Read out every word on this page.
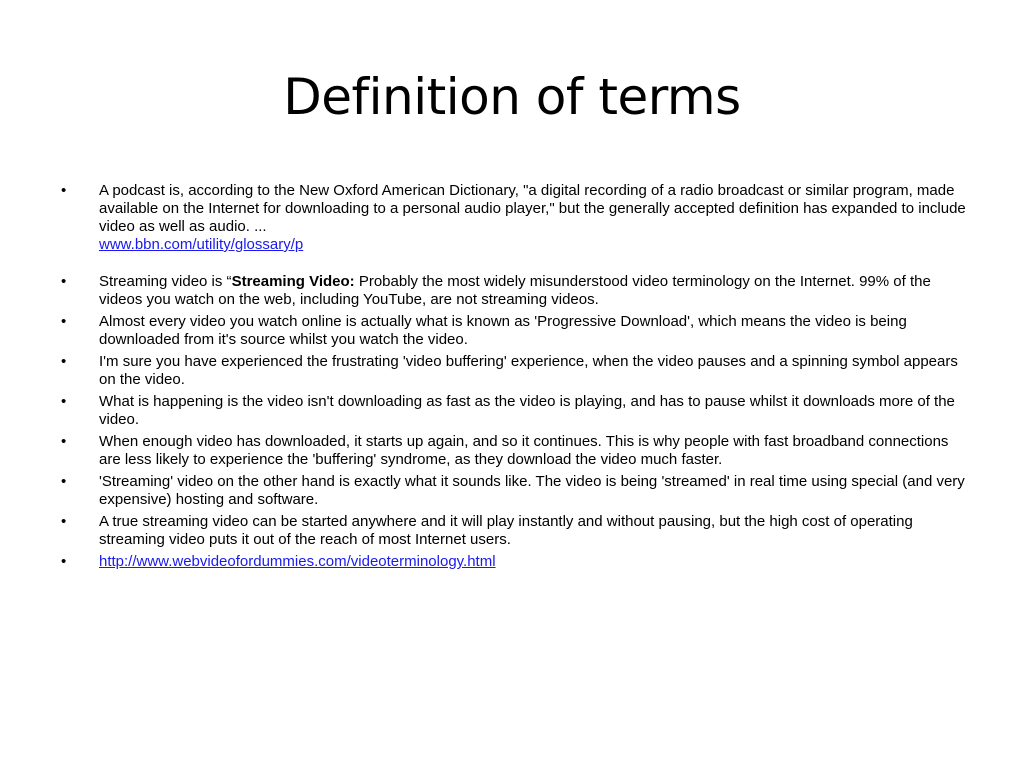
Definition of terms
• A podcast is, according to the New Oxford American Dictionary, "a digital recording of a radio broadcast or similar program, made available on the Internet for downloading to a personal audio player," but the generally accepted definition has expanded to include video as well as audio. ...
www.bbn.com/utility/glossary/p
• Streaming video is “Streaming Video: Probably the most widely misunderstood video terminology on the Internet. 99% of the videos you watch on the web, including YouTube, are not streaming videos.
• Almost every video you watch online is actually what is known as 'Progressive Download', which means the video is being downloaded from it's source whilst you watch the video.
• I'm sure you have experienced the frustrating 'video buffering' experience, when the video pauses and a spinning symbol appears on the video.
• What is happening is the video isn't downloading as fast as the video is playing, and has to pause whilst it downloads more of the video.
• When enough video has downloaded, it starts up again, and so it continues. This is why people with fast broadband connections are less likely to experience the 'buffering' syndrome, as they download the video much faster.
• 'Streaming' video on the other hand is exactly what it sounds like. The video is being 'streamed' in real time using special (and very expensive) hosting and software.
• A true streaming video can be started anywhere and it will play instantly and without pausing, but the high cost of operating streaming video puts it out of the reach of most Internet users.
• http://www.webvideofordummies.com/videoterminology.html
